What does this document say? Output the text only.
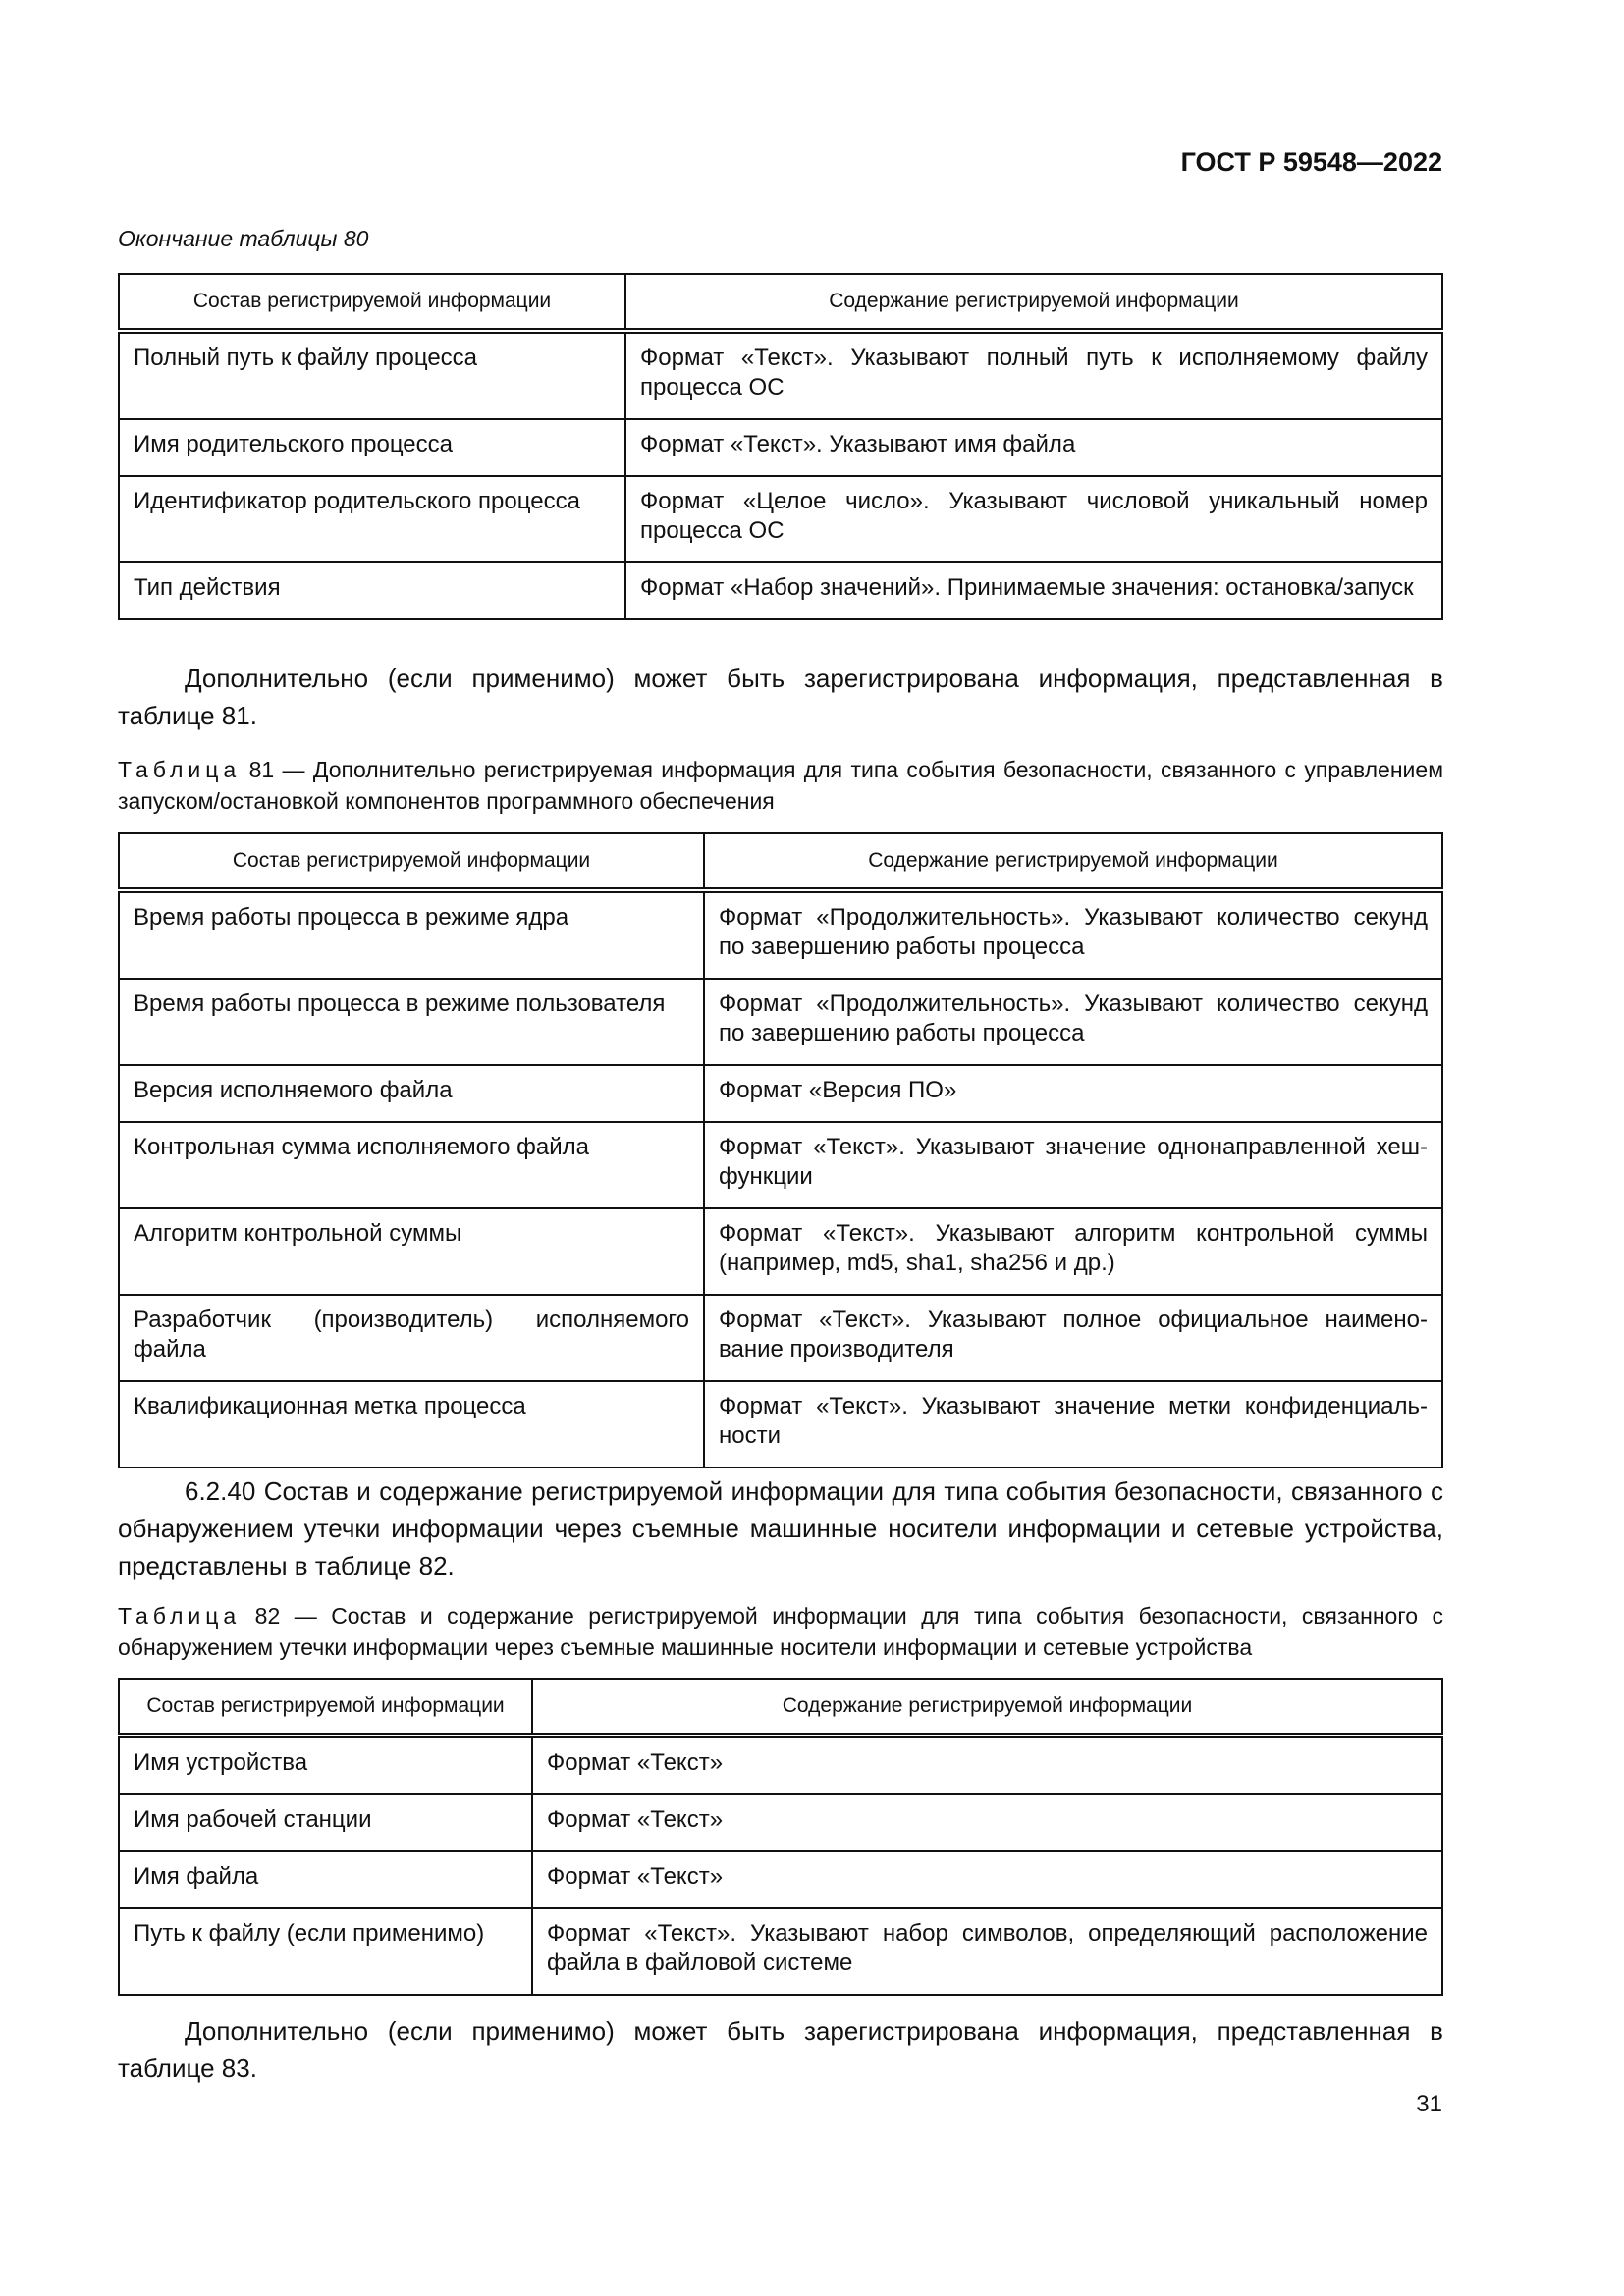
ГОСТ Р 59548—2022
Окончание таблицы 80
Состав регистрируемой информации	Содержание регистрируемой информации
Полный путь к файлу процесса	Формат «Текст». Указывают полный путь к исполняемому файлу процесса ОС
Имя родительского процесса	Формат «Текст». Указывают имя файла
Идентификатор родительского процесса	Формат «Целое число». Указывают числовой уникальный номер процесса ОС
Тип действия	Формат «Набор значений». Принимаемые значения: остановка/запуск
Дополнительно (если применимо) может быть зарегистрирована информация, представленная в таблице 81.
Таблица 81 — Дополнительно регистрируемая информация для типа события безопасности, связанного с управлением запуском/остановкой компонентов программного обеспечения
Состав регистрируемой информации	Содержание регистрируемой информации
Время работы процесса в режиме ядра	Формат «Продолжительность». Указывают количество секунд по завершению работы процесса
Время работы процесса в режиме пользователя	Формат «Продолжительность». Указывают количество секунд по завершению работы процесса
Версия исполняемого файла	Формат «Версия ПО»
Контрольная сумма исполняемого файла	Формат «Текст». Указывают значение однонаправленной хеш-функции
Алгоритм контрольной суммы	Формат «Текст». Указывают алгоритм контрольной суммы (например, md5, sha1, sha256 и др.)
Разработчик (производитель) исполняемого файла	Формат «Текст». Указывают полное официальное наименование производителя
Квалификационная метка процесса	Формат «Текст». Указывают значение метки конфиденциальности
6.2.40 Состав и содержание регистрируемой информации для типа события безопасности, связанного с обнаружением утечки информации через съемные машинные носители информации и сетевые устройства, представлены в таблице 82.
Таблица 82 — Состав и содержание регистрируемой информации для типа события безопасности, связанного с обнаружением утечки информации через съемные машинные носители информации и сетевые устройства
Состав регистрируемой информации	Содержание регистрируемой информации
Имя устройства	Формат «Текст»
Имя рабочей станции	Формат «Текст»
Имя файла	Формат «Текст»
Путь к файлу (если применимо)	Формат «Текст». Указывают набор символов, определяющий расположение файла в файловой системе
Дополнительно (если применимо) может быть зарегистрирована информация, представленная в таблице 83.
31
